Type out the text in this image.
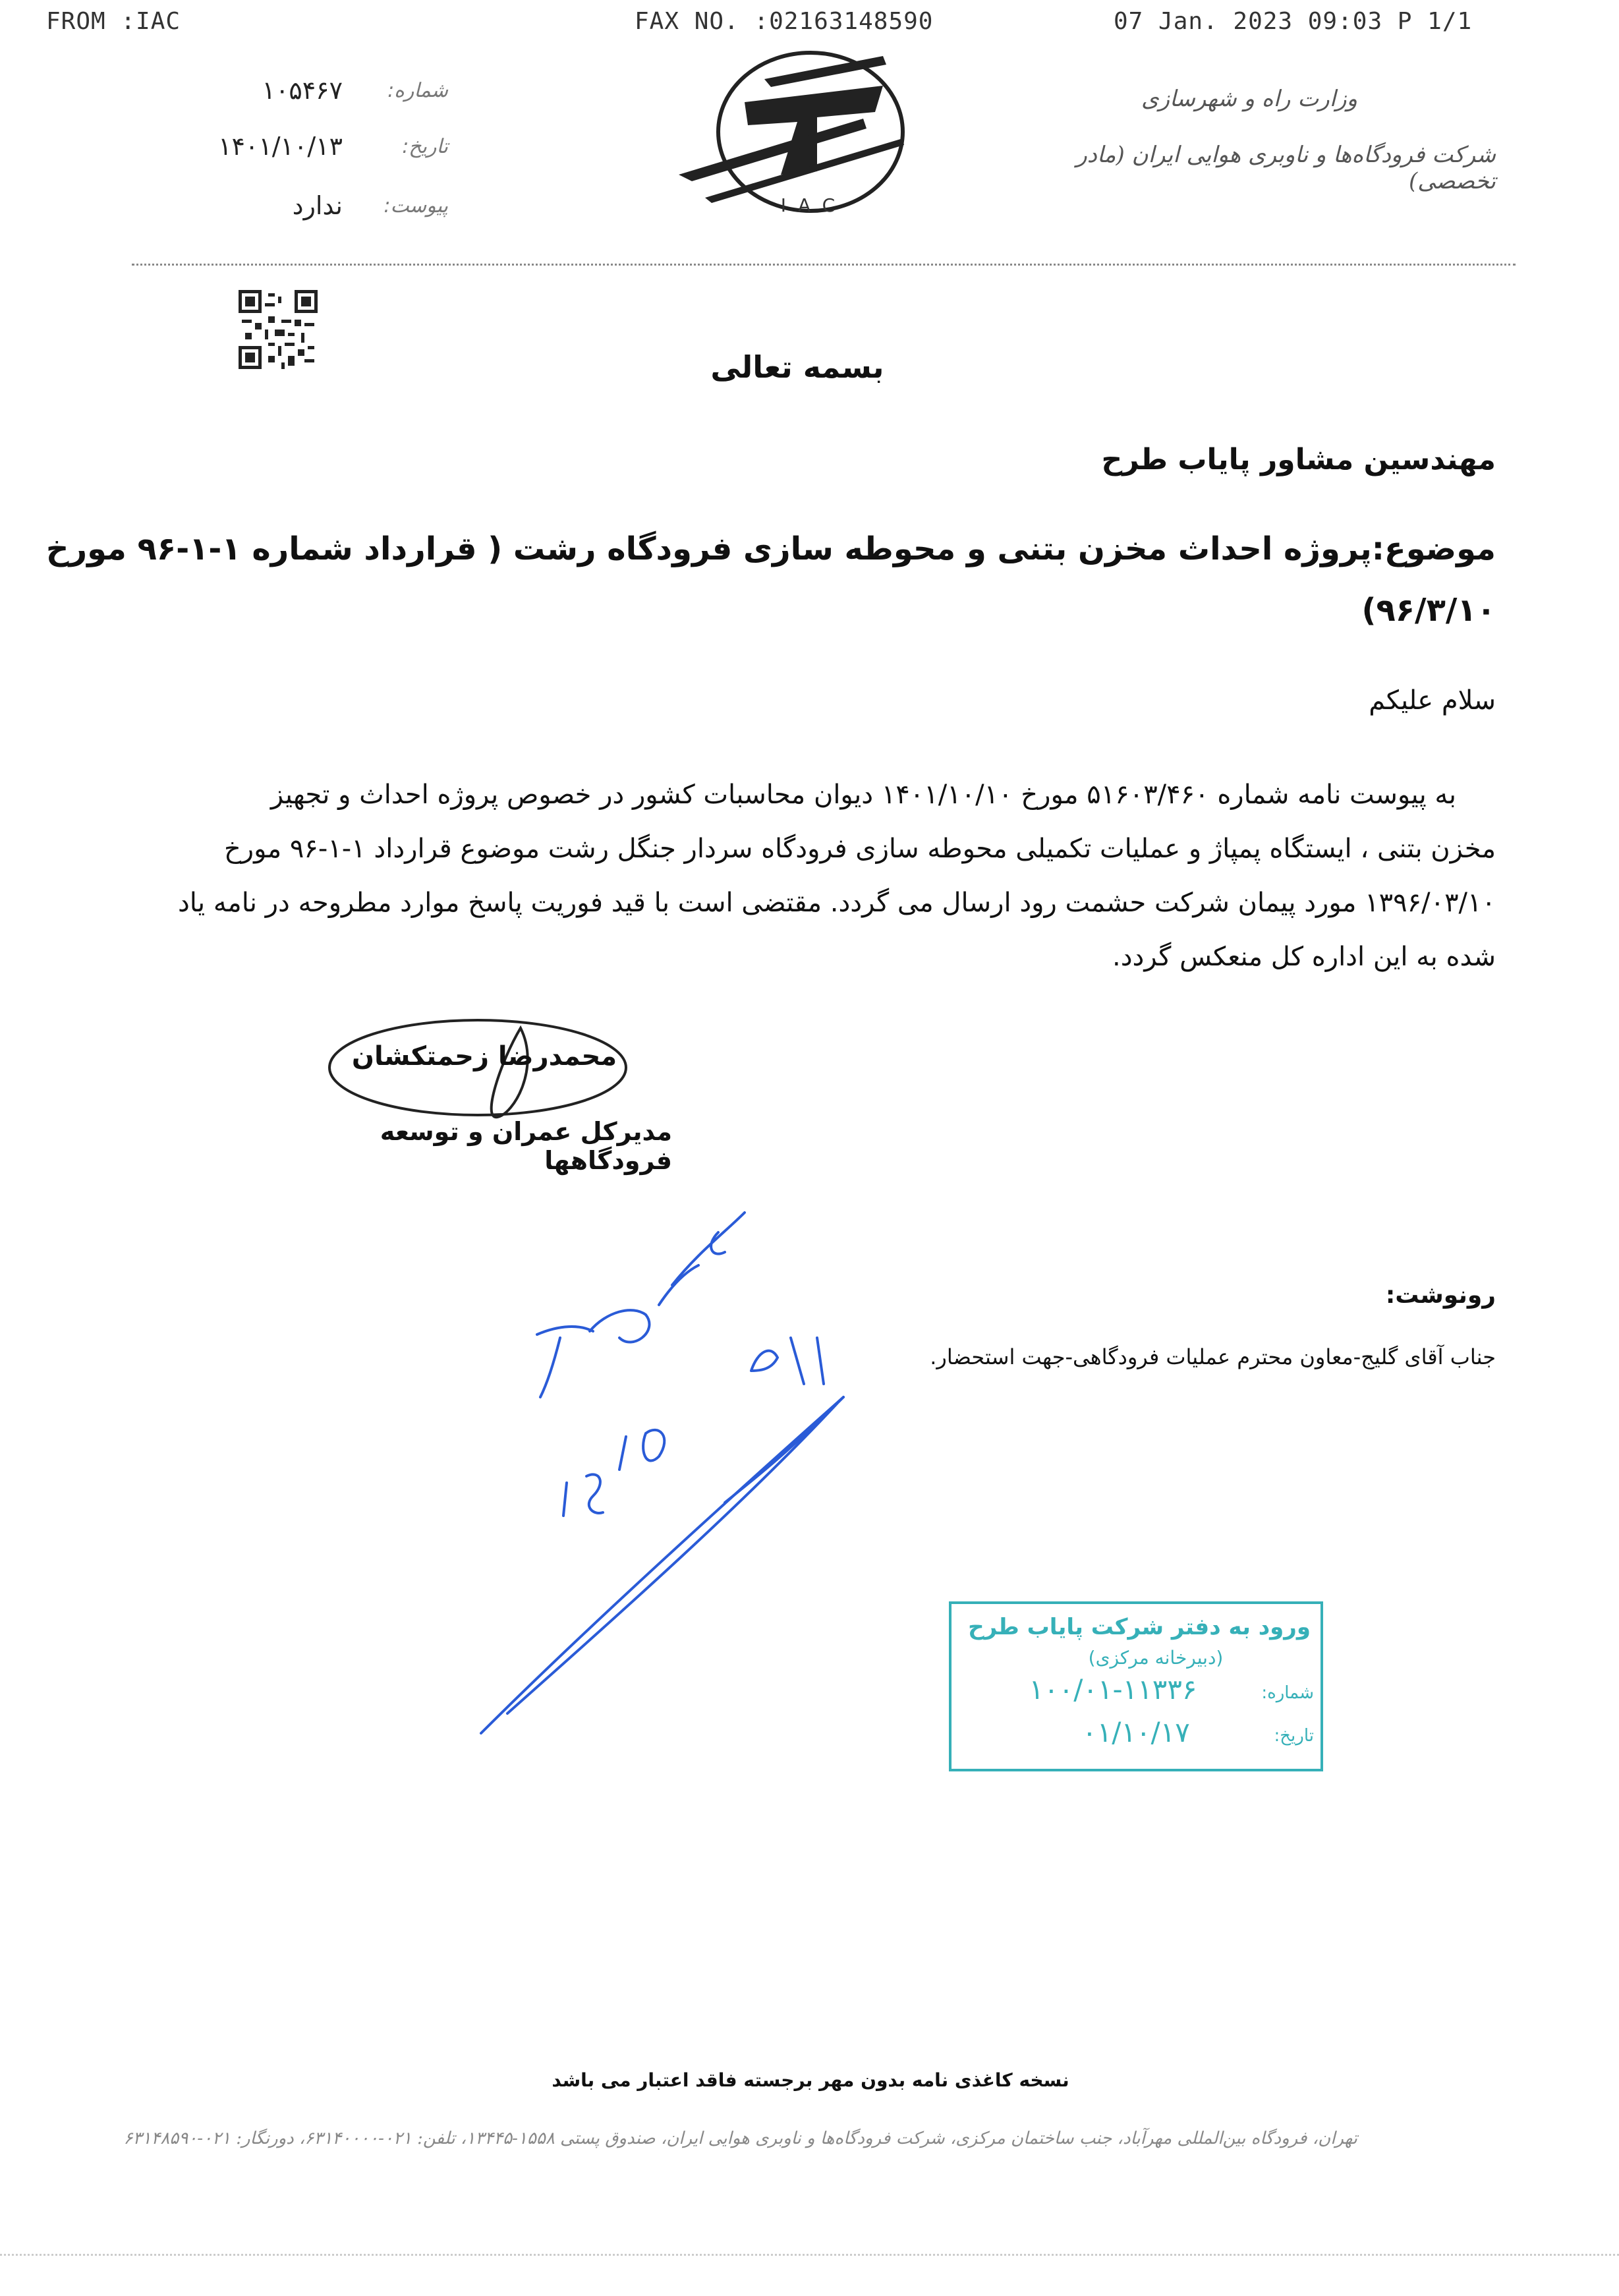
FROM :IAC	FAX NO. :02163148590	07 Jan. 2023 09:03 P 1/1
۱۰۵۴۶۷	شماره:
۱۴۰۱/۱۰/۱۳	تاریخ:
ندارد	پیوست:	IAC
وزارت راه و شهرسازی
شرکت فرودگاه‌ها و ناوبری هوایی ایران (مادر تخصصی)
بسمه تعالی
مهندسین مشاور پایاب طرح
موضوع:پروژه احداث مخزن بتنی و محوطه سازی فرودگاه رشت ( قرارداد شماره ۱-۱-۹۶ مورخ
۹۶/۳/۱۰)
سلام علیکم
به پیوست نامه شماره ۵۱۶۰۳/۴۶۰ مورخ ۱۴۰۱/۱۰/۱۰ دیوان محاسبات کشور در خصوص پروژه احداث و تجهیز
مخزن بتنی ، ایستگاه پمپاژ و عملیات تکمیلی محوطه سازی فرودگاه سردار جنگل رشت موضوع قرارداد ۱-۱-۹۶ مورخ
۱۳۹۶/۰۳/۱۰ مورد پیمان شرکت حشمت رود ارسال می گردد. مقتضی است با قید فوریت پاسخ موارد مطروحه در نامه یاد
شده به این اداره کل منعکس گردد.
محمدرضا زحمتکشان
مدیرکل عمران و توسعه فرودگاهها
رونوشت:
جناب آقای گلیج-معاون محترم عملیات فرودگاهی-جهت استحضار.
ورود به دفتر شرکت پایاب طرح
(دبیرخانه مرکزی)
شماره:
۱۰۰/۰۱-۱۱۳۳۶
تاریخ:
۰۱/۱۰/۱۷
نسخه کاغذی نامه بدون مهر برجسته فاقد اعتبار می باشد
تهران، فرودگاه بین‌المللی مهرآباد، جنب ساختمان مرکزی، شرکت فرودگاه‌ها و ناوبری هوایی ایران، صندوق پستی ۱۵۵۸-۱۳۴۴۵، تلفن: ۰۲۱-۶۳۱۴۰۰۰۰، دورنگار: ۰۲۱-۶۳۱۴۸۵۹۰
